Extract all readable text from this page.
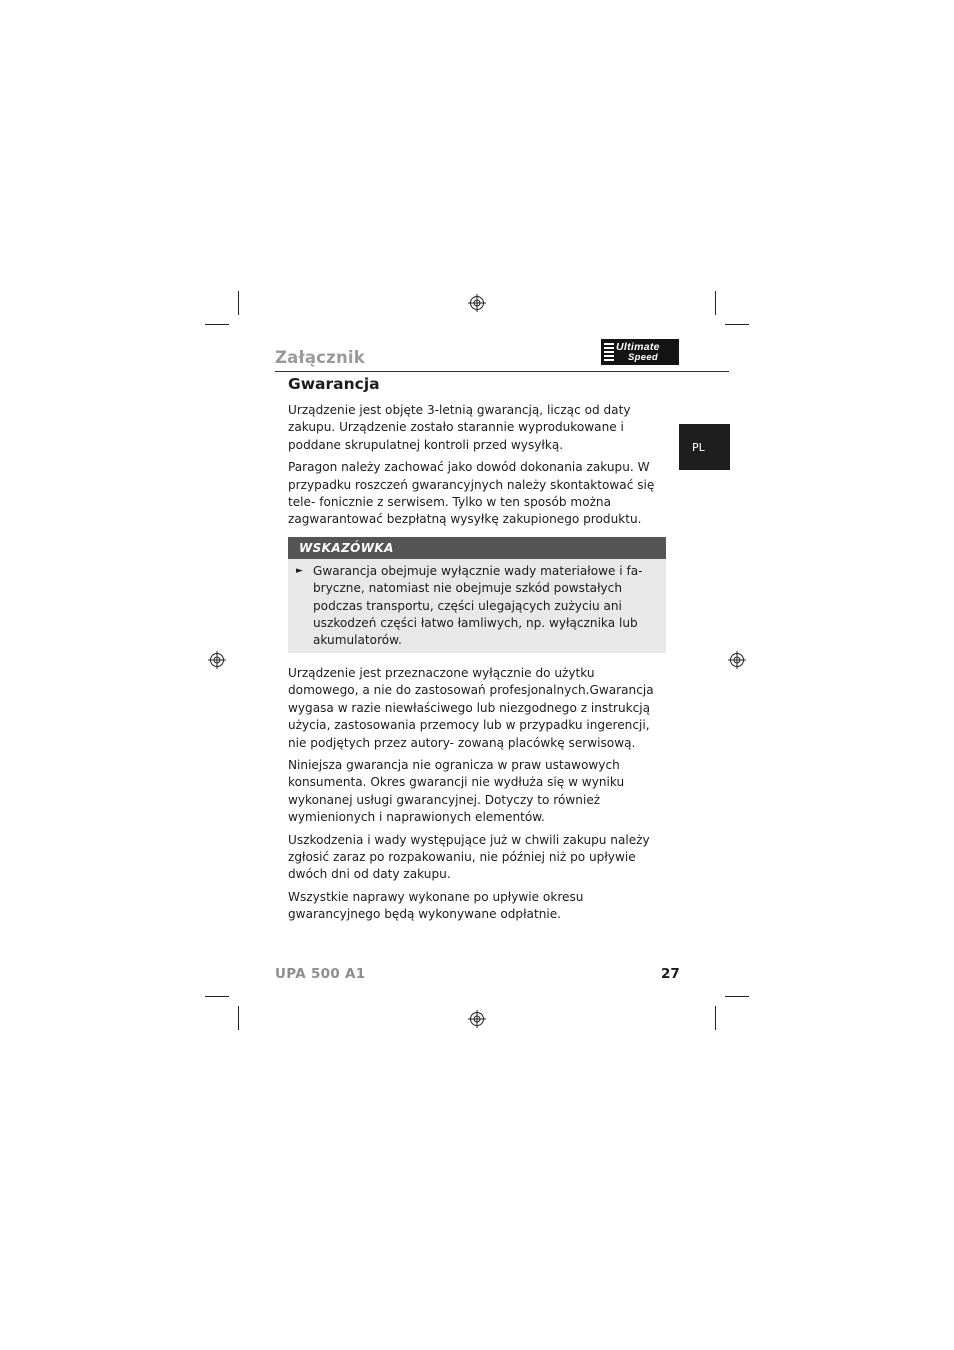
Załącznik
Ultimate
Speed
PL
Gwarancja

Urządzenie jest objęte 3-letnią gwarancją, licząc od daty zakupu. Urządzenie zostało starannie wyprodukowane i poddane skrupulatnej kontroli przed wysyłką.

Paragon należy zachować jako dowód dokonania zakupu. W przypadku roszczeń gwarancyjnych należy skontaktować się tele- fonicznie z serwisem. Tylko w ten sposób można zagwarantować bezpłatną wysyłkę zakupionego produktu.

WSKAZÓWKA
► Gwarancja obejmuje wyłącznie wady materiałowe i fa- bryczne, natomiast nie obejmuje szkód powstałych podczas transportu, części ulegających zużyciu ani uszkodzeń części łatwo łamliwych, np. wyłącznika lub akumulatorów.

Urządzenie jest przeznaczone wyłącznie do użytku domowego, a nie do zastosowań profesjonalnych.Gwarancja wygasa w razie niewłaściwego lub niezgodnego z instrukcją użycia, zastosowania przemocy lub w przypadku ingerencji, nie podjętych przez autory- zowaną placówkę serwisową.

Niniejsza gwarancja nie ogranicza w praw ustawowych konsumenta. Okres gwarancji nie wydłuża się w wyniku wykonanej usługi gwarancyjnej. Dotyczy to również wymienionych i naprawionych elementów.

Uszkodzenia i wady występujące już w chwili zakupu należy zgłosić zaraz po rozpakowaniu, nie później niż po upływie dwóch dni od daty zakupu.

Wszystkie naprawy wykonane po upływie okresu gwarancyjnego będą wykonywane odpłatnie.

UPA 500 A1	27
